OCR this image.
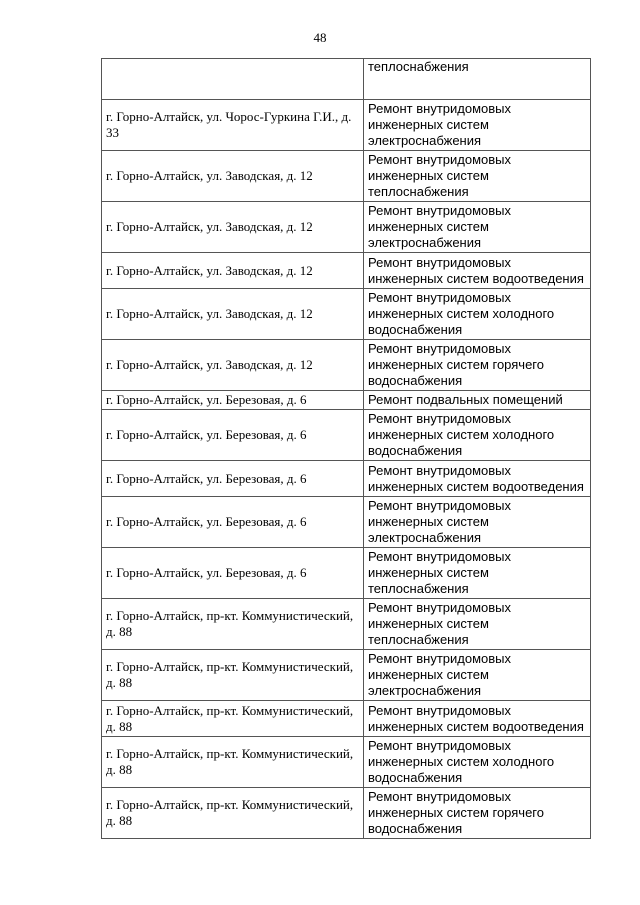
48
	теплоснабжения
г. Горно-Алтайск, ул. Чорос-Гуркина Г.И., д. 33	Ремонт внутридомовых инженерных систем электроснабжения
г. Горно-Алтайск, ул. Заводская, д. 12	Ремонт внутридомовых инженерных систем теплоснабжения
г. Горно-Алтайск, ул. Заводская, д. 12	Ремонт внутридомовых инженерных систем электроснабжения
г. Горно-Алтайск, ул. Заводская, д. 12	Ремонт внутридомовых инженерных систем водоотведения
г. Горно-Алтайск, ул. Заводская, д. 12	Ремонт внутридомовых инженерных систем холодного водоснабжения
г. Горно-Алтайск, ул. Заводская, д. 12	Ремонт внутридомовых инженерных систем горячего водоснабжения
г. Горно-Алтайск, ул. Березовая, д. 6	Ремонт подвальных помещений
г. Горно-Алтайск, ул. Березовая, д. 6	Ремонт внутридомовых инженерных систем холодного водоснабжения
г. Горно-Алтайск, ул. Березовая, д. 6	Ремонт внутридомовых инженерных систем водоотведения
г. Горно-Алтайск, ул. Березовая, д. 6	Ремонт внутридомовых инженерных систем электроснабжения
г. Горно-Алтайск, ул. Березовая, д. 6	Ремонт внутридомовых инженерных систем теплоснабжения
г. Горно-Алтайск, пр-кт. Коммунистический, д. 88	Ремонт внутридомовых инженерных систем теплоснабжения
г. Горно-Алтайск, пр-кт. Коммунистический, д. 88	Ремонт внутридомовых инженерных систем электроснабжения
г. Горно-Алтайск, пр-кт. Коммунистический, д. 88	Ремонт внутридомовых инженерных систем водоотведения
г. Горно-Алтайск, пр-кт. Коммунистический, д. 88	Ремонт внутридомовых инженерных систем холодного водоснабжения
г. Горно-Алтайск, пр-кт. Коммунистический, д. 88	Ремонт внутридомовых инженерных систем горячего водоснабжения
